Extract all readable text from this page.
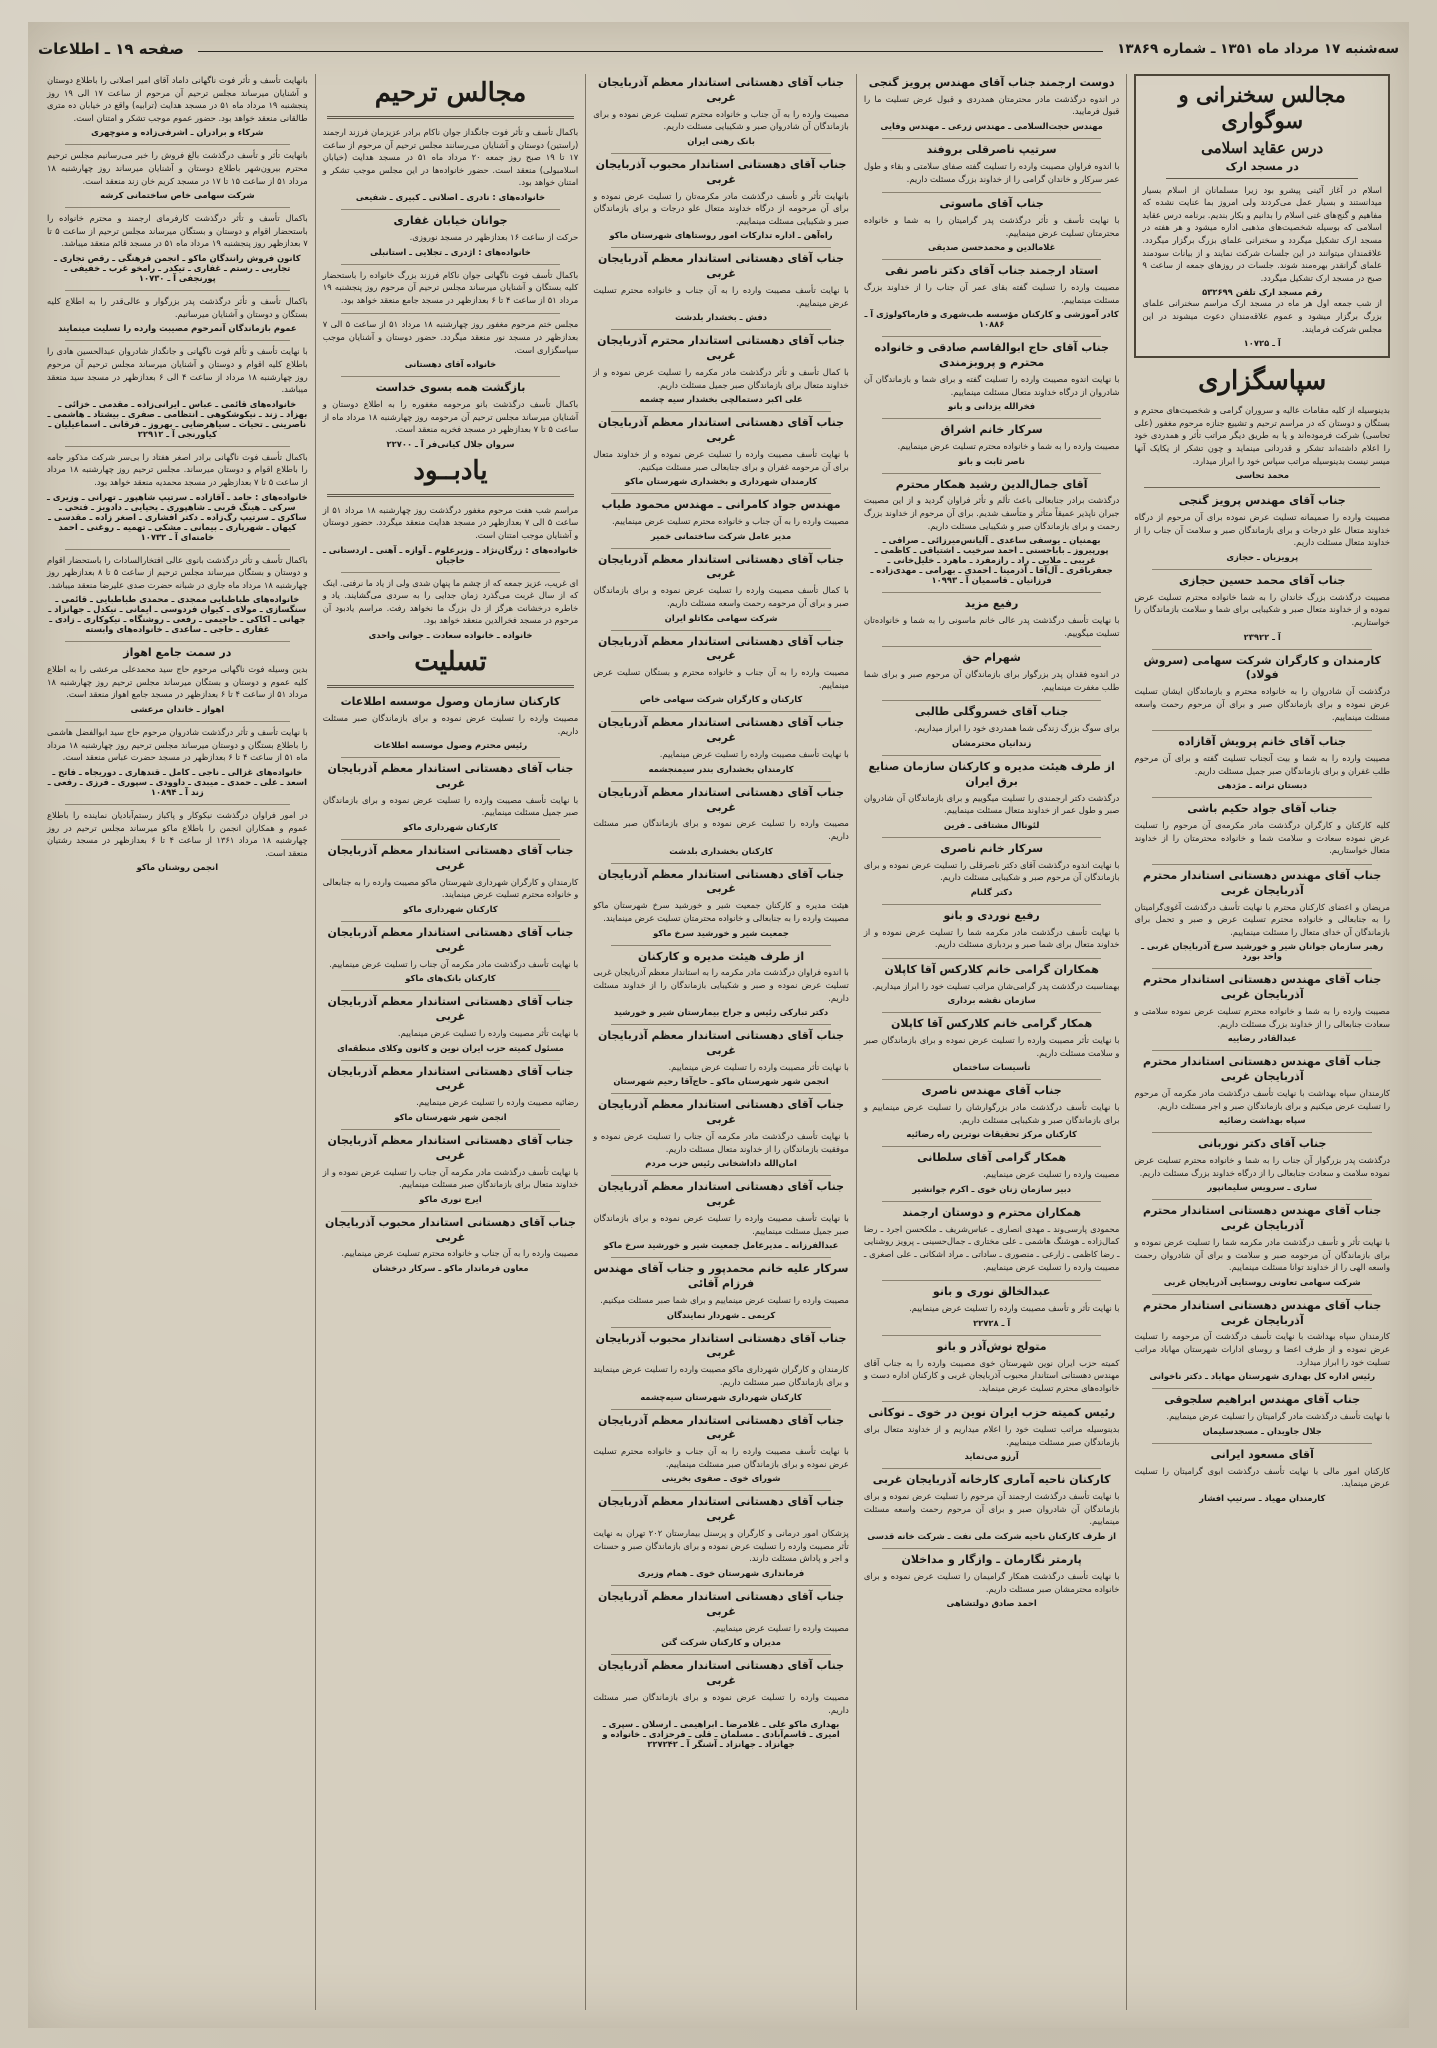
سه‌شنبه ۱۷ مرداد ماه ۱۳۵۱ ـ شماره ۱۳۸۶۹
صفحه ۱۹ ـ اطلاعات
مجالس سخنرانی و سوگواری
درس عقاید اسلامی
در مسجد ارک
اسلام در آغاز آئینی پیشرو بود زیرا مسلمانان از اسلام بسیار میدانستند و بسیار عمل می‌کردند ولی امروز بما عنایت نشده که مفاهیم و گنج‌های غنی اسلام را بدانیم و بکار بندیم. برنامه درس عقاید اسلامی که بوسیله شخصیت‌های مذهبی اداره میشود و هر هفته در مسجد ارک تشکیل میگردد و سخنرانی علمای بزرگ برگزار میگردد. علاقمندان میتوانند در این جلسات شرکت نمایند و از بیانات سودمند علمای گرانقدر بهره‌مند شوند. جلسات در روزهای جمعه از ساعت ۹ صبح در مسجد ارک تشکیل میگردد.
رقم مسجد ارک تلفن ۵۳۲۶۹۹
از شب جمعه اول هر ماه در مسجد ارک مراسم سخنرانی علمای بزرگ برگزار میشود و عموم علاقه‌مندان دعوت میشوند در این مجلس شرکت فرمایند.
آ ـ ۱۰۷۲۵
سپاسگزاری
بدینوسیله از کلیه مقامات عالیه و سروران گرامی و شخصیت‌های محترم و بستگان و دوستان که در مراسم ترحیم و تشییع جنازه مرحوم مغفور (علی تحاسی) شرکت فرموده‌اند و یا به طریق دیگر مراتب تأثر و همدردی خود را اعلام داشته‌اند تشکر و قدردانی مینماید و چون تشکر از یکایک آنها میسر نیست بدینوسیله مراتب سپاس خود را ابراز میدارد.
محمد تحاسی
جناب آقای مهندس پرویز گنجی
مصیبت وارده را صمیمانه تسلیت عرض نموده برای آن مرحوم از درگاه خداوند متعال علو درجات و برای بازماندگان صبر و سلامت آن جناب را از خداوند متعال مسئلت داریم.
پرویزیان ـ حجازی
جناب آقای محمد حسین حجازی
مصیبت درگذشت بزرگ خاندان را به شما خانواده محترم تسلیت عرض نموده و از خداوند متعال صبر و شکیبایی برای شما و سلامت بازماندگان را خواستاریم.
آ ـ ۲۳۹۲۲
کارمندان و کارگران شرکت سهامی (سروش فولاد)
درگذشت آن شادروان را به خانواده محترم و بازماندگان ایشان تسلیت عرض نموده و برای بازماندگان صبر و برای آن مرحوم رحمت واسعه مسئلت مینماییم.
جناب آقای خانم پرویش آقازاده
مصیبت وارده را به شما و بیت آنجناب تسلیت گفته و برای آن مرحوم طلب غفران و برای بازماندگان صبر جمیل مسئلت داریم.
دبستان ترانه ـ مژدهی
جناب آقای جواد حکیم باشی
کلیه کارکنان و کارگران درگذشت مادر مکرمه‌ی آن مرحوم را تسلیت عرض نموده سعادت و سلامت شما و خانواده محترمتان را از خداوند متعال خواستاریم.
جناب آقای مهندس دهستانی استاندار محترم آذربایجان غربی
مریضان و اعضای کارکنان محترم با نهایت تأسف درگذشت آغوی‌گرامیتان را به جنابعالی و خانواده محترم تسلیت عرض و صبر و تحمل برای بازماندگان آن خدای متعال را مسئلت مینماییم.
رهبر سازمان جوانان شیر و خورشید سرخ آذربایجان غربی ـ واحد بورد
جناب آقای مهندس دهستانی استاندار محترم آذربایجان غربی
مصیبت وارده را به شما و خانواده محترم تسلیت عرض نموده سلامتی و سعادت جنابعالی را از خداوند بزرگ مسئلت داریم.
عبدالقادر رضاییه
جناب آقای مهندس دهستانی استاندار محترم آذربایجان غربی
کارمندان سپاه بهداشت با نهایت تأسف درگذشت مادر مکرمه آن مرحوم را تسلیت عرض میکنیم و برای بازماندگان صبر و اجر مسئلت داریم.
سپاه بهداشت رضائیه
جناب آقای دکتر نوربانی
درگذشت پدر بزرگوار آن جناب را به شما و خانواده محترم تسلیت عرض نموده سلامت و سعادت جنابعالی را از درگاه خداوند بزرگ مسئلت داریم.
ساری ـ سرویس سلیمانپور
جناب آقای مهندس دهستانی استاندار محترم آذربایجان غربی
با نهایت تأثر و تأسف درگذشت مادر مکرمه شما را تسلیت عرض نموده و برای بازماندگان آن مرحومه صبر و سلامت و برای آن شادروان رحمت واسعه الهی را از خداوند توانا مسئلت مینماییم.
شرکت سهامی تعاونی روستایی آذربایجان غربی
جناب آقای مهندس دهستانی استاندار محترم آذربایجان غربی
کارمندان سپاه بهداشت با نهایت تأسف درگذشت آن مرحومه را تسلیت عرض نموده و از طرف اعضا و روسای ادارات شهرستان مهاباد مراتب تسلیت خود را ابراز میدارد.
رئیس اداره کل بهداری شهرستان مهاباد ـ دکتر ناخوانی
جناب آقای مهندس ابراهیم سلجوقی
با نهایت تأسف درگذشت مادر گرامیتان را تسلیت عرض مینماییم.
جلال جاویدان ـ مسجدسلیمان
آقای مسعود ایرانی
کارکنان امور مالی با نهایت تأسف درگذشت ابوی گرامیتان را تسلیت عرض مینماید.
کارمندان مهیاد ـ سرتیپ افشار
دوست ارجمند جناب آقای مهندس پرویز گنجی
در اندوه درگذشت مادر محترمتان همدردی و قبول عرض تسلیت ما را قبول فرمایید.
مهندس حجت‌السلامی ـ مهندس زرعی ـ مهندس وفایی
سرتیپ ناصرقلی بروفند
با اندوه فراوان مصیبت وارده را تسلیت گفته صفای سلامتی و بقاء و طول عمر سرکار و خاندان گرامی را از خداوند بزرگ مسئلت داریم.
جناب آقای ماسوتی
با نهایت تأسف و تأثر درگذشت پدر گرامیتان را به شما و خانواده محترمتان تسلیت عرض مینماییم.
غلامالدین و محمدحسن صدیقی
استاد ارجمند جناب آقای دکتر ناصر نقی
مصیبت وارده را تسلیت گفته بقای عمر آن جناب را از خداوند بزرگ مسئلت مینماییم.
کادر آموزشی و کارکنان مؤسسه طب‌شهری و فارماکولوژی آ ـ ۱۰۸۸۶
جناب آقای حاج ابوالقاسم صادقی و خانواده محترم و پروبزمندی
با نهایت اندوه مصیبت وارده را تسلیت گفته و برای شما و بازماندگان آن شادروان از درگاه خداوند متعال مسئلت مینماییم.
فخرالله یزدانی و بانو
سرکار خانم اشراق
مصیبت وارده را به شما و خانواده محترم تسلیت عرض مینماییم.
ناصر ثابت و بانو
آقای جمال‌الدین رشید همکار محترم
درگذشت برادر جنابعالی باعث تألم و تأثر فراوان گردید و از این مصیبت جبران ناپذیر عمیقاً متأثر و متأسف شدیم. برای آن مرحوم از خداوند بزرگ رحمت و برای بازماندگان صبر و شکیبایی مسئلت داریم.
بهمنیان ـ یوسفی ساعدی ـ آلیانس‌میرزائی ـ صرافی ـ پورپیروز ـ باباحسنی ـ احمد سرخیب ـ اشتیاقی ـ کاظمی ـ غریبی ـ ملایی ـ راد ـ رازمفرد ـ ماهرد ـ خلیل‌خانی ـ جعفر‌باقری ـ آل‌آقا ـ آذرمینا ـ احمدی ـ بهرامی ـ مهدی‌زاده ـ فرزانیان ـ قاسمیان آ ـ ۱۰۹۹۳
رفیع مزید
با نهایت تأسف درگذشت پدر عالی خانم ماسونی را به شما و خانواده‌تان تسلیت میگوییم.
شهرام حق
در اندوه فقدان پدر بزرگوار برای بازماندگان آن مرحوم صبر و برای شما طلب مغفرت مینماییم.
جناب آقای خسروگلی طالبی
برای سوگ بزرگ زندگی شما همدردی خود را ابراز میداریم.
زندانیان محترمشان
از طرف هیئت مدیره و کارکنان سازمان صنایع برق ایران
درگذشت دکتر ارجمندی را تسلیت میگوییم و برای بازماندگان آن شادروان صبر و طول عمر از خداوند متعال مسئلت مینماییم.
لئوناال مشتاقی ـ فرین
سرکار خانم ناصری
با نهایت اندوه درگذشت آقای دکتر ناصرقلی را تسلیت عرض نموده و برای بازماندگان آن مرحوم صبر و شکیبایی مسئلت داریم.
دکتر گلنام
رفیع نوردی و بانو
با نهایت تأسف درگذشت مادر مکرمه شما را تسلیت عرض نموده و از خداوند متعال برای شما صبر و بردباری مسئلت داریم.
همکاران گرامی خانم کلارکس آقا کاپلان
بهمناسبت درگذشت پدر گرامی‌شان مراتب تسلیت خود را ابراز میداریم.
سازمان نقشه برداری
همکار گرامی خانم کلارکس آقا کاپلان
با نهایت تأثر مصیبت وارده را تسلیت عرض نموده و برای بازماندگان صبر و سلامت مسئلت داریم.
تأسیسات ساختمان
جناب آقای مهندس ناصری
با نهایت تأسف درگذشت مادر بزرگوارشان را تسلیت عرض مینماییم و برای بازماندگان صبر و شکیبایی مسئلت داریم.
کارکنان مرکز تحقیقات نوترین راه رضائیه
همکار گرامی آقای سلطانی
مصیبت وارده را تسلیت عرض مینماییم.
دبیر سازمان زنان خوی ـ اکرم جوانشیر
همکاران محترم و دوستان ارجمند
محمودی پارسی‌وند ـ مهدی انصاری ـ عباس‌شریف ـ ملکحسن اجرد ـ رضا کمال‌زاده ـ هوشنگ هاشمی ـ علی مختاری ـ جمال‌حسینی ـ پرویز روشنایی ـ رضا کاظمی ـ زارعی ـ منصوری ـ ساداتی ـ مراد اشکانی ـ علی اصغری ـ مصیبت وارده را تسلیت عرض مینماییم.
عبدالخالق نوری و بانو
با نهایت تأثر و تأسف مصیبت وارده را تسلیت عرض مینماییم.
آ ـ ۲۲۷۲۸
متولج نوش‌آذر و بانو
کمیته حزب ایران نوین شهرستان خوی مصیبت وارده را به جناب آقای مهندس دهستانی استاندار محبوب آذربایجان غربی و کارکنان اداره دست و خانواده‌های محترم تسلیت عرض مینماید.
رئیس کمیته حزب ایران نوین در خوی ـ نوکانی
بدینوسیله مراتب تسلیت خود را اعلام میداریم و از خداوند متعال برای بازماندگان صبر مسئلت مینماییم.
آرزو می‌نماید
کارکنان ناحیه آماری کارخانه آذربایجان غربی
با نهایت تأسف درگذشت ارجمند آن مرحوم را تسلیت عرض نموده و برای بازماندگان آن شادروان صبر و برای آن مرحوم رحمت واسعه مسئلت مینماییم.
از طرف کارکنان ناحیه شرکت ملی نفت ـ شرکت خانه قدسی
پارمتر نگارمان ـ وازگار و مداخلان
با نهایت تأسف درگذشت همکار گرامیمان را تسلیت عرض نموده و برای خانواده محترمشان صبر مسئلت داریم.
احمد صادق دولتشاهی
جناب آقای دهستانی استاندار معظم آذربایجان غربی
مصیبت وارده را به آن جناب و خانواده محترم تسلیت عرض نموده و برای بازماندگان آن شادروان صبر و شکیبایی مسئلت داریم.
بانک رهنی ایران
جناب آقای دهستانی استاندار محبوب آذربایجان غربی
بانهایت تأثر و تأسف درگذشت مادر مکرمه‌تان را تسلیت عرض نموده و برای آن مرحومه از درگاه خداوند متعال علو درجات و برای بازماندگان صبر و شکیبایی مسئلت مینماییم.
راه‌آهن ـ اداره تدارکات امور روستاهای شهرستان ماکو
جناب آقای دهستانی استاندار معظم آذربایجان غربی
با نهایت تأسف مصیبت وارده را به آن جناب و خانواده محترم تسلیت عرض مینماییم.
دفش ـ بخشدار بلدشت
جناب آقای دهستانی استاندار محترم آذربایجان غربی
با کمال تأسف و تأثر درگذشت مادر مکرمه را تسلیت عرض نموده و از خداوند متعال برای بازماندگان صبر جمیل مسئلت داریم.
علی اکبر دستمالچی بخشدار سیه چشمه
جناب آقای دهستانی استاندار معظم آذربایجان غربی
با نهایت تأسف مصیبت وارده را تسلیت عرض نموده و از خداوند متعال برای آن مرحومه غفران و برای جنابعالی صبر مسئلت میکنیم.
کارمندان شهرداری و بخشداری شهرستان ماکو
مهندس جواد کامرانی ـ مهندس محمود طیاب
مصیبت وارده را به آن جناب و خانواده محترم تسلیت عرض مینماییم.
مدیر عامل شرکت ساختمانی خمیر
جناب آقای دهستانی استاندار معظم آذربایجان غربی
با کمال تأسف مصیبت وارده را تسلیت عرض نموده و برای بازماندگان صبر و برای آن مرحومه رحمت واسعه مسئلت داریم.
شرکت سهامی مکاتلو ایران
جناب آقای دهستانی استاندار معظم آذربایجان غربی
مصیبت وارده را به آن جناب و خانواده محترم و بستگان تسلیت عرض مینماییم.
کارکنان و کارگران شرکت سهامی خاص
جناب آقای دهستانی استاندار معظم آذربایجان غربی
با نهایت تأسف مصیبت وارده را تسلیت عرض مینماییم.
کارمندان بخشداری بندر سیمنجشمه
جناب آقای دهستانی استاندار معظم آذربایجان غربی
مصیبت وارده را تسلیت عرض نموده و برای بازماندگان صبر مسئلت داریم.
کارکنان بخشداری بلدشت
جناب آقای دهستانی استاندار معظم آذربایجان غربی
هیئت مدیره و کارکنان جمعیت شیر و خورشید سرخ شهرستان ماکو مصیبت وارده را به جنابعالی و خانواده محترمتان تسلیت عرض مینمایند.
جمعیت شیر و خورشید سرخ ماکو
از طرف هیئت مدیره و کارکنان
با اندوه فراوان درگذشت مادر مکرمه را به استاندار معظم آذربایجان غربی تسلیت عرض نموده و صبر و شکیبایی بازماندگان را از خداوند مسئلت داریم.
دکتر تبارکی رئیس و جراح بیمارستان شیر و خورشید
جناب آقای دهستانی استاندار معظم آذربایجان غربی
با نهایت تأثر مصیبت وارده را تسلیت عرض مینماییم.
انجمن شهر شهرستان ماکو ـ حاج‌آقا رحیم شهرستان
جناب آقای دهستانی استاندار معظم آذربایجان غربی
با نهایت تأسف درگذشت مادر مکرمه آن جناب را تسلیت عرض نموده و موفقیت بازماندگان را از خداوند متعال مسئلت داریم.
امان‌الله داداشخانی رئیس حزب مردم
جناب آقای دهستانی استاندار معظم آذربایجان غربی
با نهایت تأسف مصیبت وارده را تسلیت عرض نموده و برای بازماندگان صبر جمیل مسئلت مینماییم.
عبدالفرزانه ـ مدیرعامل جمعیت شیر و خورشید سرخ ماکو
سرکار علیه خانم محمدپور و جناب آقای مهندس فرزام آقائی
مصیبت وارده را تسلیت عرض مینماییم و برای شما صبر مسئلت میکنیم.
کریمی ـ شهردار نمایندگان
جناب آقای دهستانی استاندار محبوب آذربایجان غربی
کارمندان و کارگران شهرداری ماکو مصیبت وارده را تسلیت عرض مینمایند و برای بازماندگان صبر مسئلت داریم.
کارکنان شهرداری شهرستان سیه‌چشمه
جناب آقای دهستانی استاندار معظم آذربایجان غربی
با نهایت تأسف مصیبت وارده را به آن جناب و خانواده محترم تسلیت عرض نموده و برای بازماندگان صبر مسئلت مینماییم.
شورای خوی ـ صفوی بخرینی
جناب آقای دهستانی استاندار معظم آذربایجان غربی
پزشکان امور درمانی و کارگران و پرسنل بیمارستان ۲۰۲ تهران به نهایت تأثر مصیبت وارده را تسلیت عرض نموده و برای بازماندگان صبر و حسنات و اجر و پاداش مسئلت دارند.
فرمانداری شهرستان خوی ـ همام وزیری
جناب آقای دهستانی استاندار معظم آذربایجان غربی
مصیبت وارده را تسلیت عرض مینماییم.
مدیران و کارکنان شرکت گتن
جناب آقای دهستانی استاندار معظم آذربایجان غربی
مصیبت وارده را تسلیت عرض نموده و برای بازماندگان صبر مسئلت داریم.
بهداری ماکو علی ـ غلامرضا ـ ابراهیمی ـ ارسلان ـ سپری ـ امیری ـ قاسم‌آبادی ـ مسلمان ـ قلی ـ فرحزادی ـ خانواده و جهانزاد ـ جهانزاد ـ آشنگر آ ـ ۲۲۷۲۴۲
مجالس ترحیم
باکمال تأسف و تأثر فوت جانگداز جوان ناکام برادر عزیزمان فرزند ارجمند (راستین) دوستان و آشنایان می‌رسانند مجلس ترحیم آن مرحوم از ساعت ۱۷ تا ۱۹ صبح روز جمعه ۲۰ مرداد ماه ۵۱ در مسجد هدایت (خیابان اسلامبولی) منعقد است. حضور خانواده‌ها در این مجلس موجب تشکر و امتنان خواهد بود.
خانواده‌های : نادری ـ اصلانی ـ کبیری ـ شفیعی
جوانان خیابان غفاری
حرکت از ساعت ۱۶ بعدازظهر در مسجد نوروزی.
خانواده‌های : اژدری ـ تجلایی ـ استانبلی
باکمال تأسف فوت ناگهانی جوان ناکام فرزند بزرگ خانواده را باستحضار کلیه بستگان و آشنایان میرساند مجلس ترحیم آن مرحوم روز پنجشنبه ۱۹ مرداد ۵۱ از ساعت ۴ تا ۶ بعدازظهر در مسجد جامع منعقد خواهد بود.
مجلس ختم مرحوم مغفور روز چهارشنبه ۱۸ مرداد ۵۱ از ساعت ۵ الی ۷ بعدازظهر در مسجد نور منعقد میگردد. حضور دوستان و آشنایان موجب سپاسگزاری است.
خانواده آقای دهستانی
بازگشت همه بسوی خداست
باکمال تأسف درگذشت بانو مرحومه مغفوره را به اطلاع دوستان و آشنایان میرساند مجلس ترحیم آن مرحومه روز چهارشنبه ۱۸ مرداد ماه از ساعت ۵ تا ۷ بعدازظهر در مسجد فخریه منعقد است.
سروان جلال کیانی‌فر آ ـ ۲۲۷۰۰
یادبــود
مراسم شب هفت مرحوم مغفور درگذشت روز چهارشنبه ۱۸ مرداد ۵۱ از ساعت ۵ الی ۷ بعدازظهر در مسجد هدایت منعقد میگردد. حضور دوستان و آشنایان موجب امتنان است.
خانواده‌های : زرگان‌نژاد ـ وزیرعلوم ـ آوازه ـ آهنی ـ اردستانی ـ حاجیان
ای غریب، عزیز جمعه که از چشم ما پنهان شدی ولی از یاد ما نرفتی. اینک که از سال غربت می‌گذرد زمان جدایی را به سردی می‌گشایند. یاد و خاطره درخشانت هرگز از دل بزرگ ما نخواهد رفت. مراسم یادبود آن مرحوم در مسجد فخرالدین منعقد خواهد بود.
خانواده ـ خانواده سعادت ـ جوانی واحدی
تسلیت
کارکنان سازمان وصول موسسه اطلاعات
مصیبت وارده را تسلیت عرض نموده و برای بازماندگان صبر مسئلت داریم.
رئیس محترم وصول موسسه اطلاعات
جناب آقای دهستانی استاندار معظم آذربایجان غربی
با نهایت تأسف مصیبت وارده را تسلیت عرض نموده و برای بازماندگان صبر جمیل مسئلت مینماییم.
کارکنان شهرداری ماکو
جناب آقای دهستانی استاندار معظم آذربایجان غربی
کارمندان و کارگران شهرداری شهرستان ماکو مصیبت وارده را به جنابعالی و خانواده محترم تسلیت عرض مینمایند.
کارکنان شهرداری ماکو
جناب آقای دهستانی استاندار معظم آذربایجان غربی
با نهایت تأسف درگذشت مادر مکرمه آن جناب را تسلیت عرض مینماییم.
کارکنان بانک‌های ماکو
جناب آقای دهستانی استاندار معظم آذربایجان غربی
با نهایت تأثر مصیبت وارده را تسلیت عرض مینماییم.
مسئول کمیته حزب ایران نوین و کانون وکلای منطقه‌ای
جناب آقای دهستانی استاندار معظم آذربایجان غربی
رضائیه مصیبت وارده را تسلیت عرض مینماییم.
انجمن شهر شهرستان ماکو
جناب آقای دهستانی استاندار معظم آذربایجان غربی
با نهایت تأسف درگذشت مادر مکرمه آن جناب را تسلیت عرض نموده و از خداوند متعال برای بازماندگان صبر مسئلت مینماییم.
ایرج نوری ماکو
جناب آقای دهستانی استاندار محبوب آذربایجان غربی
مصیبت وارده را به آن جناب و خانواده محترم تسلیت عرض مینماییم.
معاون فرماندار ماکو ـ سرکار درخشان
بانهایت تأسف و تأثر فوت ناگهانی داماد آقای امیر اصلانی را باطلاع دوستان و آشنایان میرساند مجلس ترحیم آن مرحوم از ساعت ۱۷ الی ۱۹ روز پنجشنبه ۱۹ مرداد ماه ۵۱ در مسجد هدایت (ترابیه) واقع در خیابان ده متری طالقانی منعقد خواهد بود. حضور عموم موجب تشکر و امتنان است.
شرکاء و برادران ـ اشرفی‌زاده و منوچهری
بانهایت تأثر و تأسف درگذشت بالغ فروش را خبر می‌رسانیم مجلس ترحیم محترم بیرون‌شهر باطلاع دوستان و آشنایان میرساند روز چهارشنبه ۱۸ مرداد ۵۱ از ساعت ۱۵ تا ۱۷ در مسجد کریم خان زند منعقد است.
شرکت سهامی خاص ساختمانی کرشه
باکمال تأسف و تأثر درگذشت کارفرمای ارجمند و محترم خانواده را باستحضار اقوام و دوستان و بستگان میرساند مجلس ترحیم از ساعت ۵ تا ۷ بعدازظهر روز پنجشنبه ۱۹ مرداد ماه ۵۱ در مسجد قائم منعقد میباشد.
کانون فروش رانندگان ماکو ـ انجمن فرهنگی ـ رقص تجاری ـ تجاربی ـ رستم ـ غفاری ـ تیکدر ـ رامخو غرب ـ خفیفی ـ پورنجفی آ ـ ۱۰۷۳۰
باکمال تأسف و تأثر درگذشت پدر بزرگوار و عالی‌قدر را به اطلاع کلیه بستگان و دوستان و آشنایان میرسانیم.
عموم بازماندگان آنمرحوم مصیبت وارده را تسلیت مینمایند
با نهایت تأسف و تألم فوت ناگهانی و جانگداز شادروان عبدالحسین هادی را باطلاع کلیه اقوام و دوستان و آشنایان میرساند مجلس ترحیم آن مرحوم روز چهارشنبه ۱۸ مرداد از ساعت ۴ الی ۶ بعدازظهر در مسجد سید منعقد میباشد.
خانواده‌های قائمی ـ عباس ـ ایرانی‌زاده ـ مقدمی ـ خزائی ـ بهزاد ـ زند ـ نیکوشکوهی ـ انتظامی ـ صفری ـ بیشتاد ـ هاشمی ـ ناصرینی ـ تحیات ـ سیاهرضایی ـ بهروز ـ فرقانی ـ اسماعیلیان ـ کیاورنجی آ ـ ۲۲۹۱۲
باکمال تأسف فوت ناگهانی برادر اصغر هفتاد را بی‌سر شرکت مذکور جامه را باطلاع اقوام و دوستان میرساند. مجلس ترحیم روز چهارشنبه ۱۸ مرداد از ساعت ۵ تا ۷ بعدازظهر در مسجد محمدیه منعقد خواهد بود.
خانواده‌های : حامد ـ آقازاده ـ سرتیپ شاهپور ـ تهرانی ـ وزیری ـ سرکی ـ هینگ قربی ـ شاهپوری ـ یحیایی ـ دادویز ـ فتحی ـ ساکری ـ سرتیپ رگ‌زاده ـ دکتر افشاری ـ اصغر زاده ـ مقدسی ـ کیهان ـ شهرپاری ـ بیمانی ـ مشکی ـ تهمیه ـ روغنی ـ احمد خامنه‌ای آ ـ ۱۰۷۳۲
باکمال تأسف و تأثر درگذشت بانوی عالی افتخارالسادات را باستحضار اقوام و دوستان و بستگان میرساند مجلس ترحیم از ساعت ۵ تا ۸ بعدازظهر روز چهارشنبه ۱۸ مرداد ماه جاری در شبانه حضرت صدی علیرضا منعقد میباشد.
خانواده‌های طباطبایی ممجدی ـ محمدی طباطبایی ـ قائمی ـ سنگسازی ـ مولای ـ کیوان فردوسی ـ ایمانی ـ نیکدل ـ جهانزاد ـ جهانی ـ اکاکی ـ حاجیمی ـ رفعی ـ روشنگاه ـ نیکوکاری ـ زادی ـ غفاری ـ حاجی ـ ساعدی ـ خانواده‌های وابسته
در سمت جامع اهواز
بدین وسیله فوت ناگهانی مرحوم حاج سید محمدعلی مرعشی را به اطلاع کلیه عموم و دوستان و بستگان میرساند مجلس ترحیم روز چهارشنبه ۱۸ مرداد ۵۱ از ساعت ۴ تا ۶ بعدازظهر در مسجد جامع اهواز منعقد است.
اهواز ـ خاندان مرعشی
با نهایت تأسف و تأثر درگذشت شادروان مرحوم حاج سید ابوالفضل هاشمی را باطلاع بستگان و دوستان میرساند مجلس ترحیم روز چهارشنبه ۱۸ مرداد ماه ۵۱ از ساعت ۴ تا ۶ بعدازظهر در مسجد حضرت عباس منعقد است.
خانواده‌های غزالی ـ ناجی ـ کامل ـ قندهاری ـ دوریجاه ـ فاتح ـ اسعد ـ علی ـ حمدی ـ میبدی ـ داوودی ـ سپوری ـ فرزی ـ رفعی ـ زند آ ـ ۱۰۸۹۴
در امور فراوان درگذشت نیکوکار و پاکباز رستم‌آبادیان نماینده را باطلاع عموم و همکاران انجمن را باطلاع ماکو میرساند مجلس ترحیم در روز چهارشنبه ۱۸ مرداد ۱۳۶۱ از ساعت ۴ تا ۶ بعدازظهر در مسجد رشتیان منعقد است.
انجمن روشنان ماکو
